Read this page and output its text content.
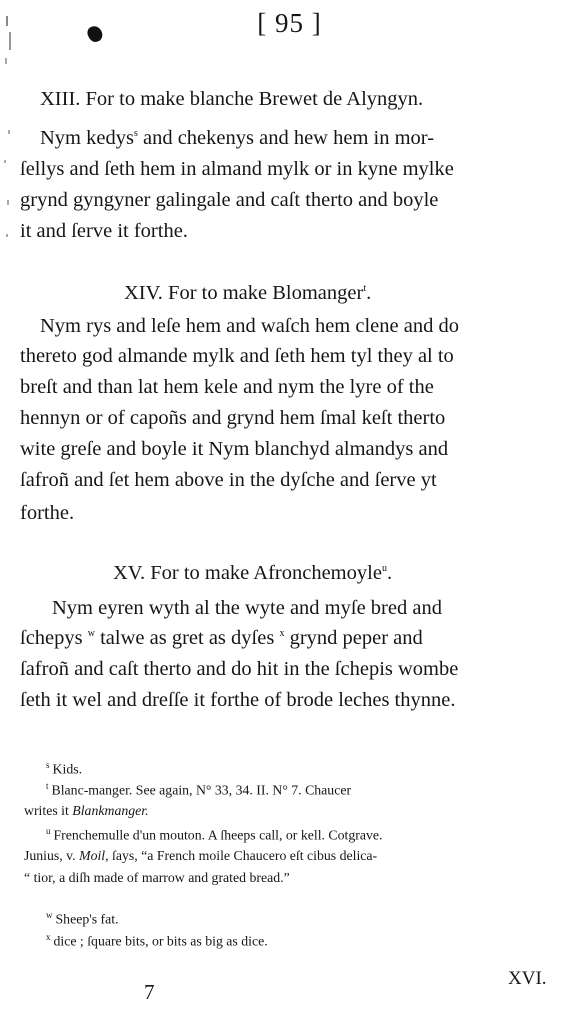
[ 95 ]
XIII. For to make blanche Brewet de Alyngyn.
Nym kedys$^s$ and chekenys and hew hem in mor-
ſellys and ſeth hem in almand mylk or in kyne mylke
grynd gyngyner galingale and caſt therto and boyle
it and ſerve it forthe.
XIV. For to make Blomanger$^t$.
Nym rys and leſe hem and waſch hem clene and do
thereto god almande mylk and ſeth hem tyl they al to
breſt and than lat hem kele and nym the lyre of the
hennyn or of capoñs and grynd hem ſmal keſt therto
wite greſe and boyle it Nym blanchyd almandys and
ſafroñ and ſet hem above in the dyſche and ſerve yt
forthe.
XV. For to make Afronchemoyle$^u$.
Nym eyren wyth al the wyte and myſe bred and
ſchepys $^w$ talwe as gret as dyſes $^x$ grynd peper and
ſafroñ and caſt therto and do hit in the ſchepis wombe
ſeth it wel and dreſſe it forthe of brode leches thynne.
$^s$ Kids.
$^t$ Blanc-manger. See again, N° 33, 34. II. N° 7. Chaucer
writes it Blankmanger.
$^u$ Frenchemulle d'un mouton. A ſheeps call, or kell. Cotgrave.
Junius, v. Moil, ſays, “a French moile Chaucero eſt cibus delica-
“ tior, a diſh made of marrow and grated bread.”
$^w$ Sheep's fat.
$^x$ dice ; ſquare bits, or bits as big as dice.
7
XVI.
